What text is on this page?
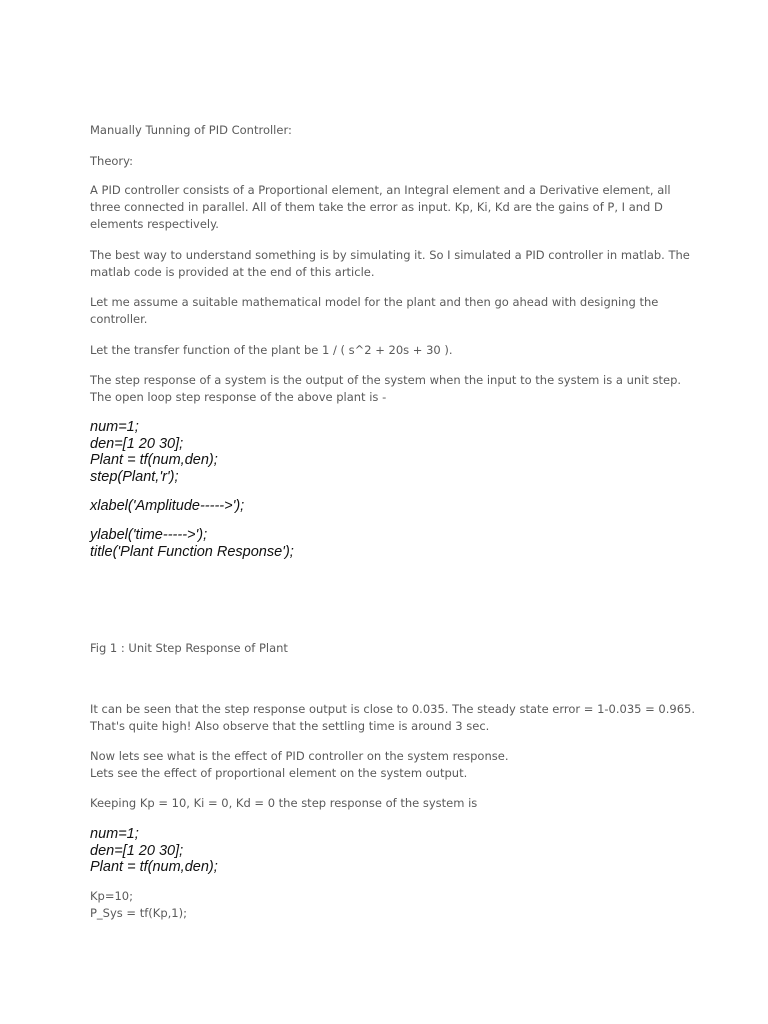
Manually Tunning of PID Controller:
Theory:
A PID controller consists of a Proportional element, an Integral element and a Derivative element, all
three connected in parallel. All of them take the error as input. Kp, Ki, Kd are the gains of P, I and D
elements respectively.
The best way to understand something is by simulating it. So I simulated a PID controller in matlab. The
matlab code is provided at the end of this article.
Let me assume a suitable mathematical model for the plant and then go ahead with designing the
controller.
Let the transfer function of the plant be 1 / ( s^2 + 20s + 30 ).
The step response of a system is the output of the system when the input to the system is a unit step.
The open loop step response of the above plant is -
num=1;
den=[1 20 30];
Plant = tf(num,den);
step(Plant,'r');
xlabel('Amplitude----->');
ylabel('time----->');
title('Plant Function Response');
Fig 1 : Unit Step Response of Plant
It can be seen that the step response output is close to 0.035. The steady state error = 1-0.035 = 0.965.
That's quite high! Also observe that the settling time is around 3 sec.
Now lets see what is the effect of PID controller on the system response.
Lets see the effect of proportional element on the system output.
Keeping Kp = 10, Ki = 0, Kd = 0 the step response of the system is
num=1;
den=[1 20 30];
Plant = tf(num,den);
Kp=10;
P_Sys = tf(Kp,1);
